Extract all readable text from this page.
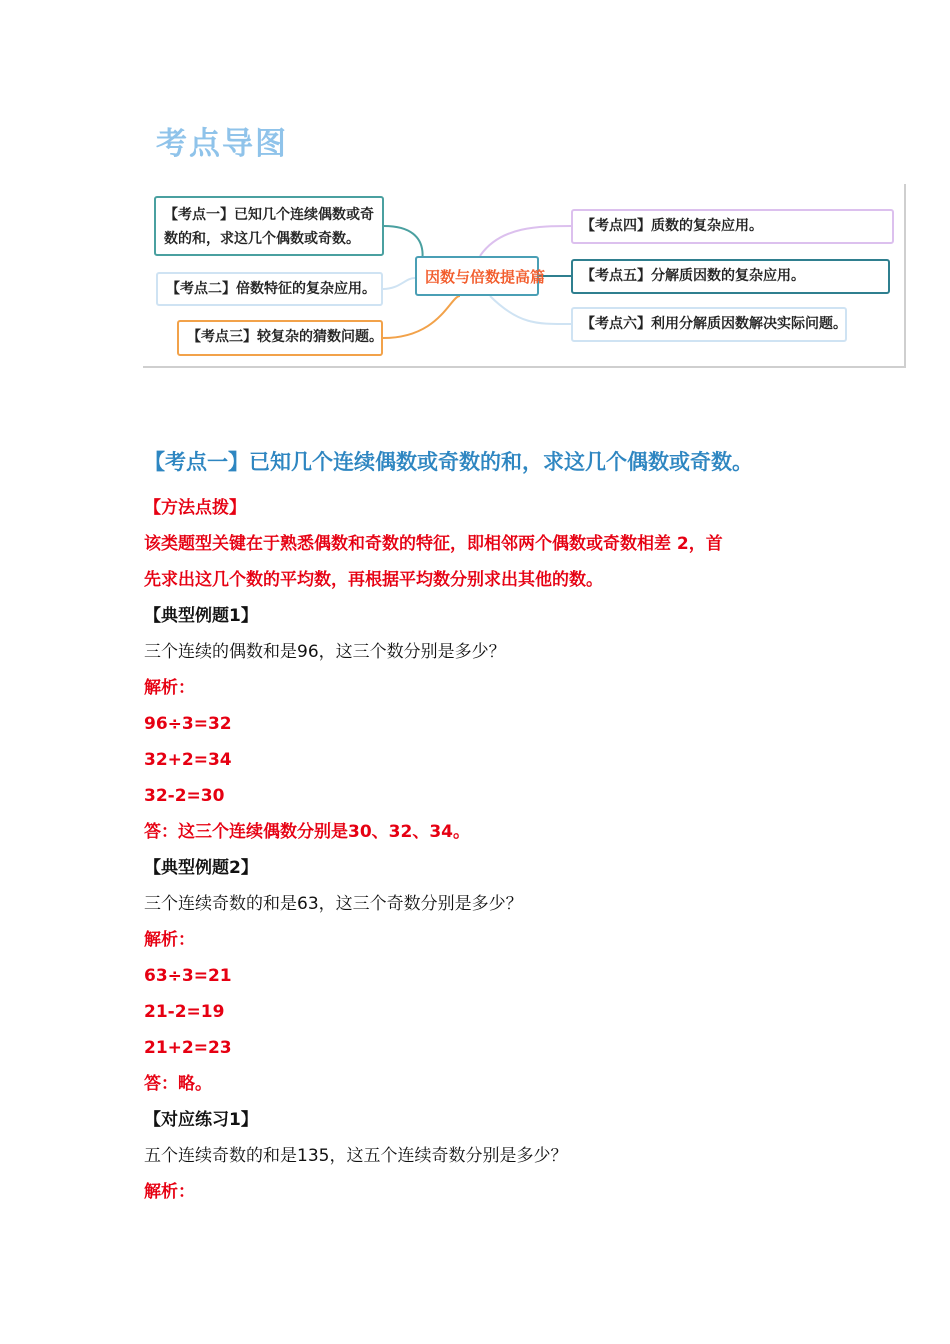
考点导图
【考点一】已知几个连续偶数或奇数的和，求这几个偶数或奇数。
【考点二】倍数特征的复杂应用。
【考点三】较复杂的猜数问题。
因数与倍数提高篇
【考点四】质数的复杂应用。
【考点五】分解质因数的复杂应用。
【考点六】利用分解质因数解决实际问题。
【考点一】已知几个连续偶数或奇数的和，求这几个偶数或奇数。
【方法点拨】
该类题型关键在于熟悉偶数和奇数的特征，即相邻两个偶数或奇数相差 2，首
先求出这几个数的平均数，再根据平均数分别求出其他的数。
【典型例题1】
三个连续的偶数和是96，这三个数分别是多少？
解析：
96÷3=32
32+2=34
32-2=30
答：这三个连续偶数分别是30、32、34。
【典型例题2】
三个连续奇数的和是63，这三个奇数分别是多少？
解析：
63÷3=21
21-2=19
21+2=23
答：略。
【对应练习1】
五个连续奇数的和是135，这五个连续奇数分别是多少？
解析：
